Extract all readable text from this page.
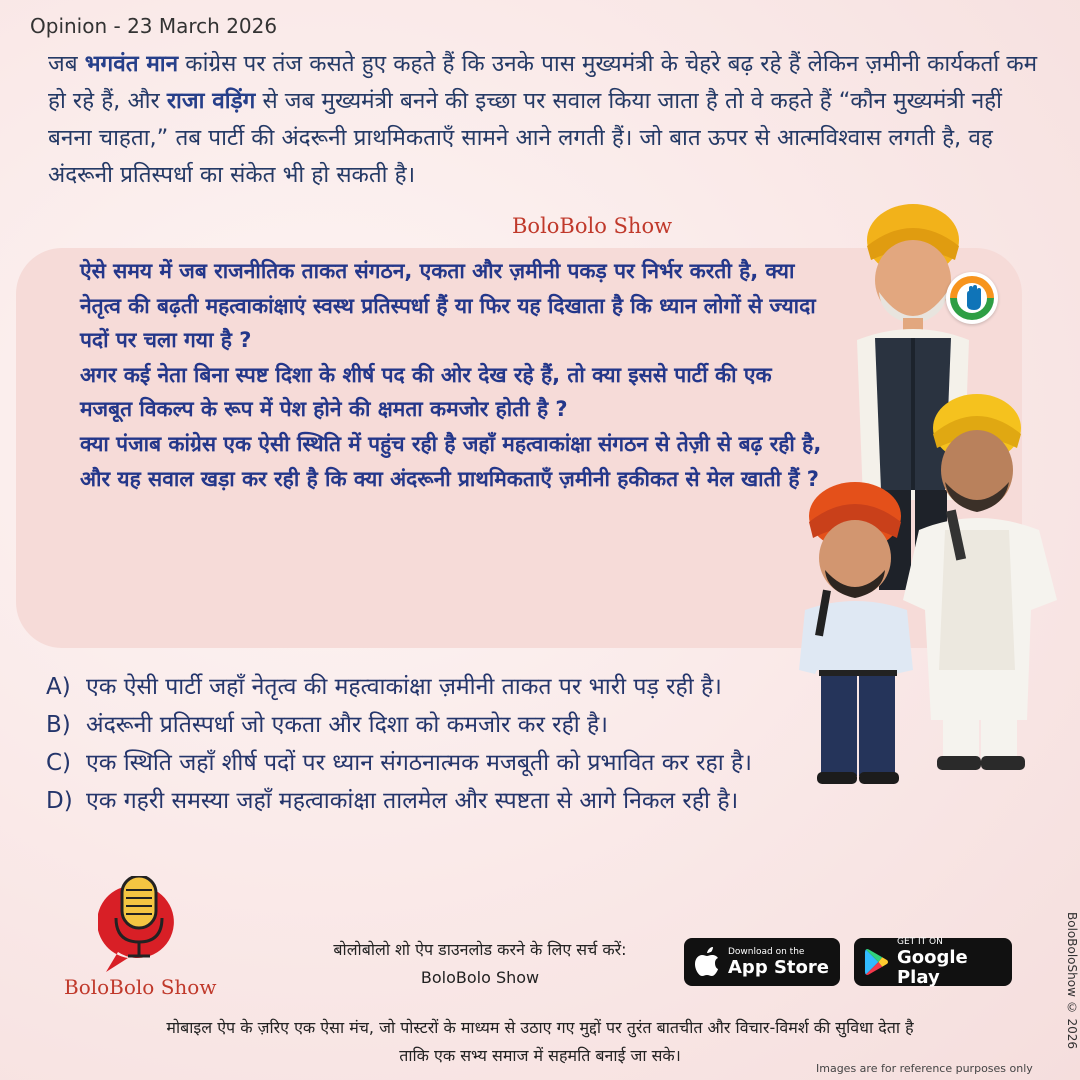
Opinion - 23 March 2026
जब भगवंत मान कांग्रेस पर तंज कसते हुए कहते हैं कि उनके पास मुख्यमंत्री के चेहरे बढ़ रहे हैं लेकिन ज़मीनी कार्यकर्ता कम हो रहे हैं, और राजा वड़िंग से जब मुख्यमंत्री बनने की इच्छा पर सवाल किया जाता है तो वे कहते हैं “कौन मुख्यमंत्री नहीं बनना चाहता,” तब पार्टी की अंदरूनी प्राथमिकताएँ सामने आने लगती हैं। जो बात ऊपर से आत्मविश्वास लगती है, वह अंदरूनी प्रतिस्पर्धा का संकेत भी हो सकती है।
BoloBolo Show
ऐसे समय में जब राजनीतिक ताकत संगठन, एकता और ज़मीनी पकड़ पर निर्भर करती है, क्या नेतृत्व की बढ़ती महत्वाकांक्षाएं स्वस्थ प्रतिस्पर्धा हैं या फिर यह दिखाता है कि ध्यान लोगों से ज्यादा पदों पर चला गया है ?
अगर कई नेता बिना स्पष्ट दिशा के शीर्ष पद की ओर देख रहे हैं, तो क्या इससे पार्टी की एक मजबूत विकल्प के रूप में पेश होने की क्षमता कमजोर होती है ?
क्या पंजाब कांग्रेस एक ऐसी स्थिति में पहुंच रही है जहाँ महत्वाकांक्षा संगठन से तेज़ी से बढ़ रही है, और यह सवाल खड़ा कर रही है कि क्या अंदरूनी प्राथमिकताएँ ज़मीनी हकीकत से मेल खाती हैं ?
A) एक ऐसी पार्टी जहाँ नेतृत्व की महत्वाकांक्षा ज़मीनी ताकत पर भारी पड़ रही है।
B) अंदरूनी प्रतिस्पर्धा जो एकता और दिशा को कमजोर कर रही है।
C) एक स्थिति जहाँ शीर्ष पदों पर ध्यान संगठनात्मक मजबूती को प्रभावित कर रहा है।
D) एक गहरी समस्या जहाँ महत्वाकांक्षा तालमेल और स्पष्टता से आगे निकल रही है।
BoloBolo Show
बोलोबोलो शो ऐप डाउनलोड करने के लिए सर्च करें:
BoloBolo Show
Download on the
App Store
GET IT ON
Google Play
मोबाइल ऐप के ज़रिए एक ऐसा मंच, जो पोस्टरों के माध्यम से उठाए गए मुद्दों पर तुरंत बातचीत और विचार-विमर्श की सुविधा देता है
ताकि एक सभ्य समाज में सहमति बनाई जा सके।
BoloBoloShow © 2026
Images are for reference purposes only
